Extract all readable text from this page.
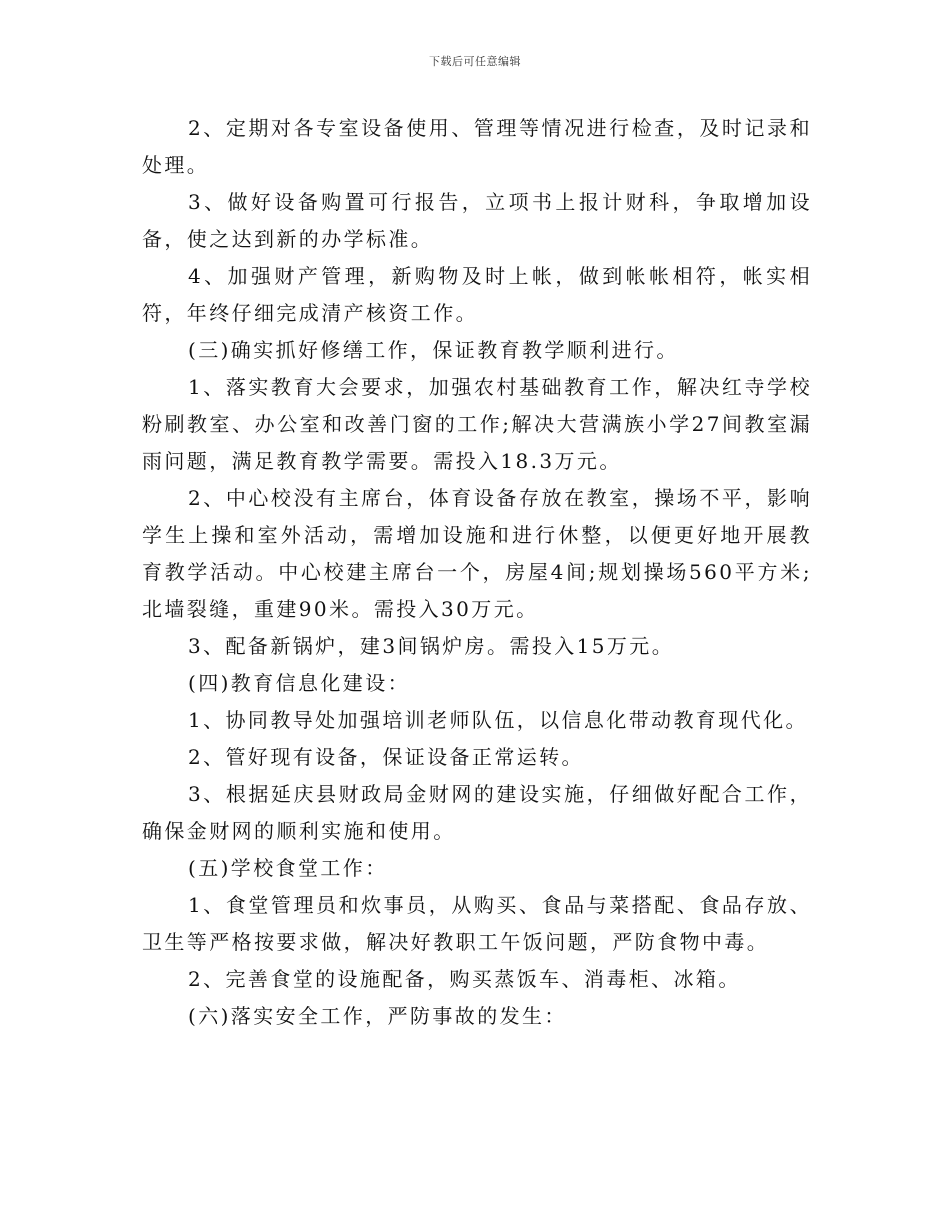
下载后可任意编辑

2、定期对各专室设备使用、管理等情况进行检查，及时记录和处理。

3、做好设备购置可行报告，立项书上报计财科，争取增加设备，使之达到新的办学标准。

4、加强财产管理，新购物及时上帐，做到帐帐相符，帐实相符，年终仔细完成清产核资工作。

(三)确实抓好修缮工作，保证教育教学顺利进行。

1、落实教育大会要求，加强农村基础教育工作，解决红寺学校粉刷教室、办公室和改善门窗的工作;解决大营满族小学27间教室漏雨问题，满足教育教学需要。需投入18.3万元。

2、中心校没有主席台，体育设备存放在教室，操场不平，影响学生上操和室外活动，需增加设施和进行休整，以便更好地开展教育教学活动。中心校建主席台一个，房屋4间;规划操场560平方米;北墙裂缝，重建90米。需投入30万元。

3、配备新锅炉，建3间锅炉房。需投入15万元。

(四)教育信息化建设：

1、协同教导处加强培训老师队伍，以信息化带动教育现代化。

2、管好现有设备，保证设备正常运转。

3、根据延庆县财政局金财网的建设实施，仔细做好配合工作，确保金财网的顺利实施和使用。

(五)学校食堂工作：

1、食堂管理员和炊事员，从购买、食品与菜搭配、食品存放、卫生等严格按要求做，解决好教职工午饭问题，严防食物中毒。

2、完善食堂的设施配备，购买蒸饭车、消毒柜、冰箱。

(六)落实安全工作，严防事故的发生：
